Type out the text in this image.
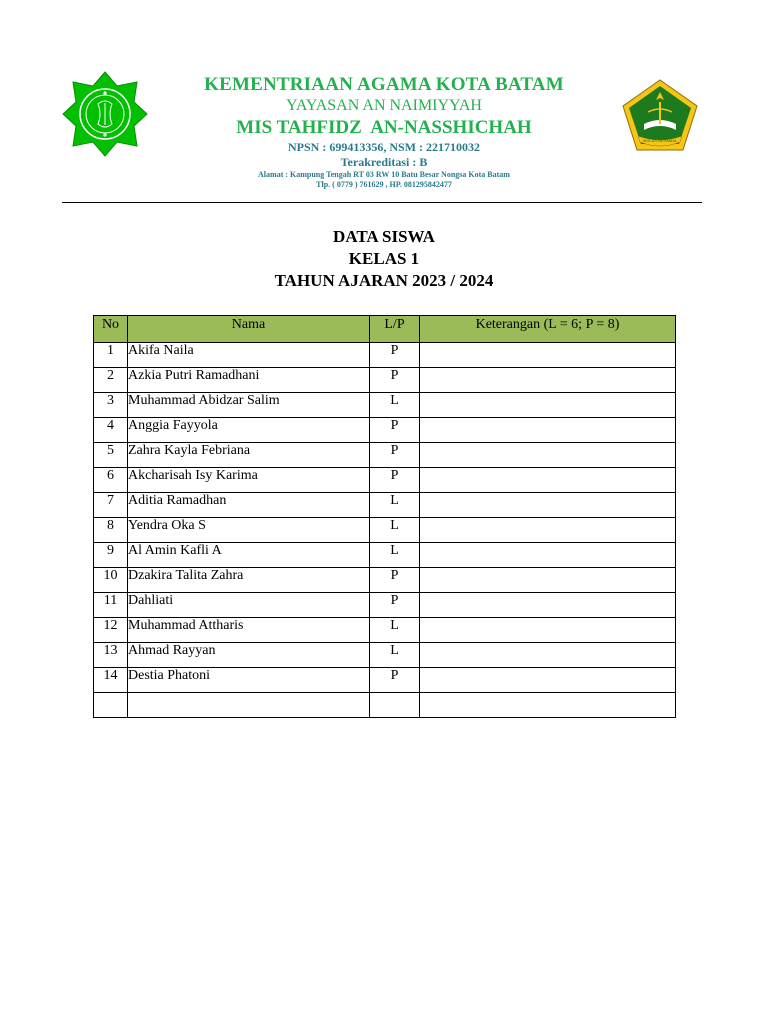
KEMENTRIAAN AGAMA KOTA BATAM
YAYASAN AN NAIMIYYAH
MIS TAHFIDZ  AN-NASSHICHAH
NPSN : 699413356, NSM : 221710032
Terakreditasi : B
Alamat : Kampung Tengah RT 03 RW 10 Batu Besar Nongsa Kota Batam
Tlp. ( 0779 ) 761629 , HP. 081295842477
IKHLAS BERAMAL
DATA SISWA
KELAS 1
TAHUN AJARAN 2023 / 2024
No	Nama	L/P	Keterangan (L = 6; P = 8)
1	Akifa Naila	P	
2	Azkia Putri Ramadhani	P	
3	Muhammad Abidzar Salim	L	
4	Anggia Fayyola	P	
5	Zahra Kayla Febriana	P	
6	Akcharisah Isy Karima	P	
7	Aditia Ramadhan	L	
8	Yendra Oka S	L	
9	Al Amin Kafli A	L	
10	Dzakira Talita Zahra	P	
11	Dahliati	P	
12	Muhammad Attharis	L	
13	Ahmad Rayyan	L	
14	Destia Phatoni	P	
